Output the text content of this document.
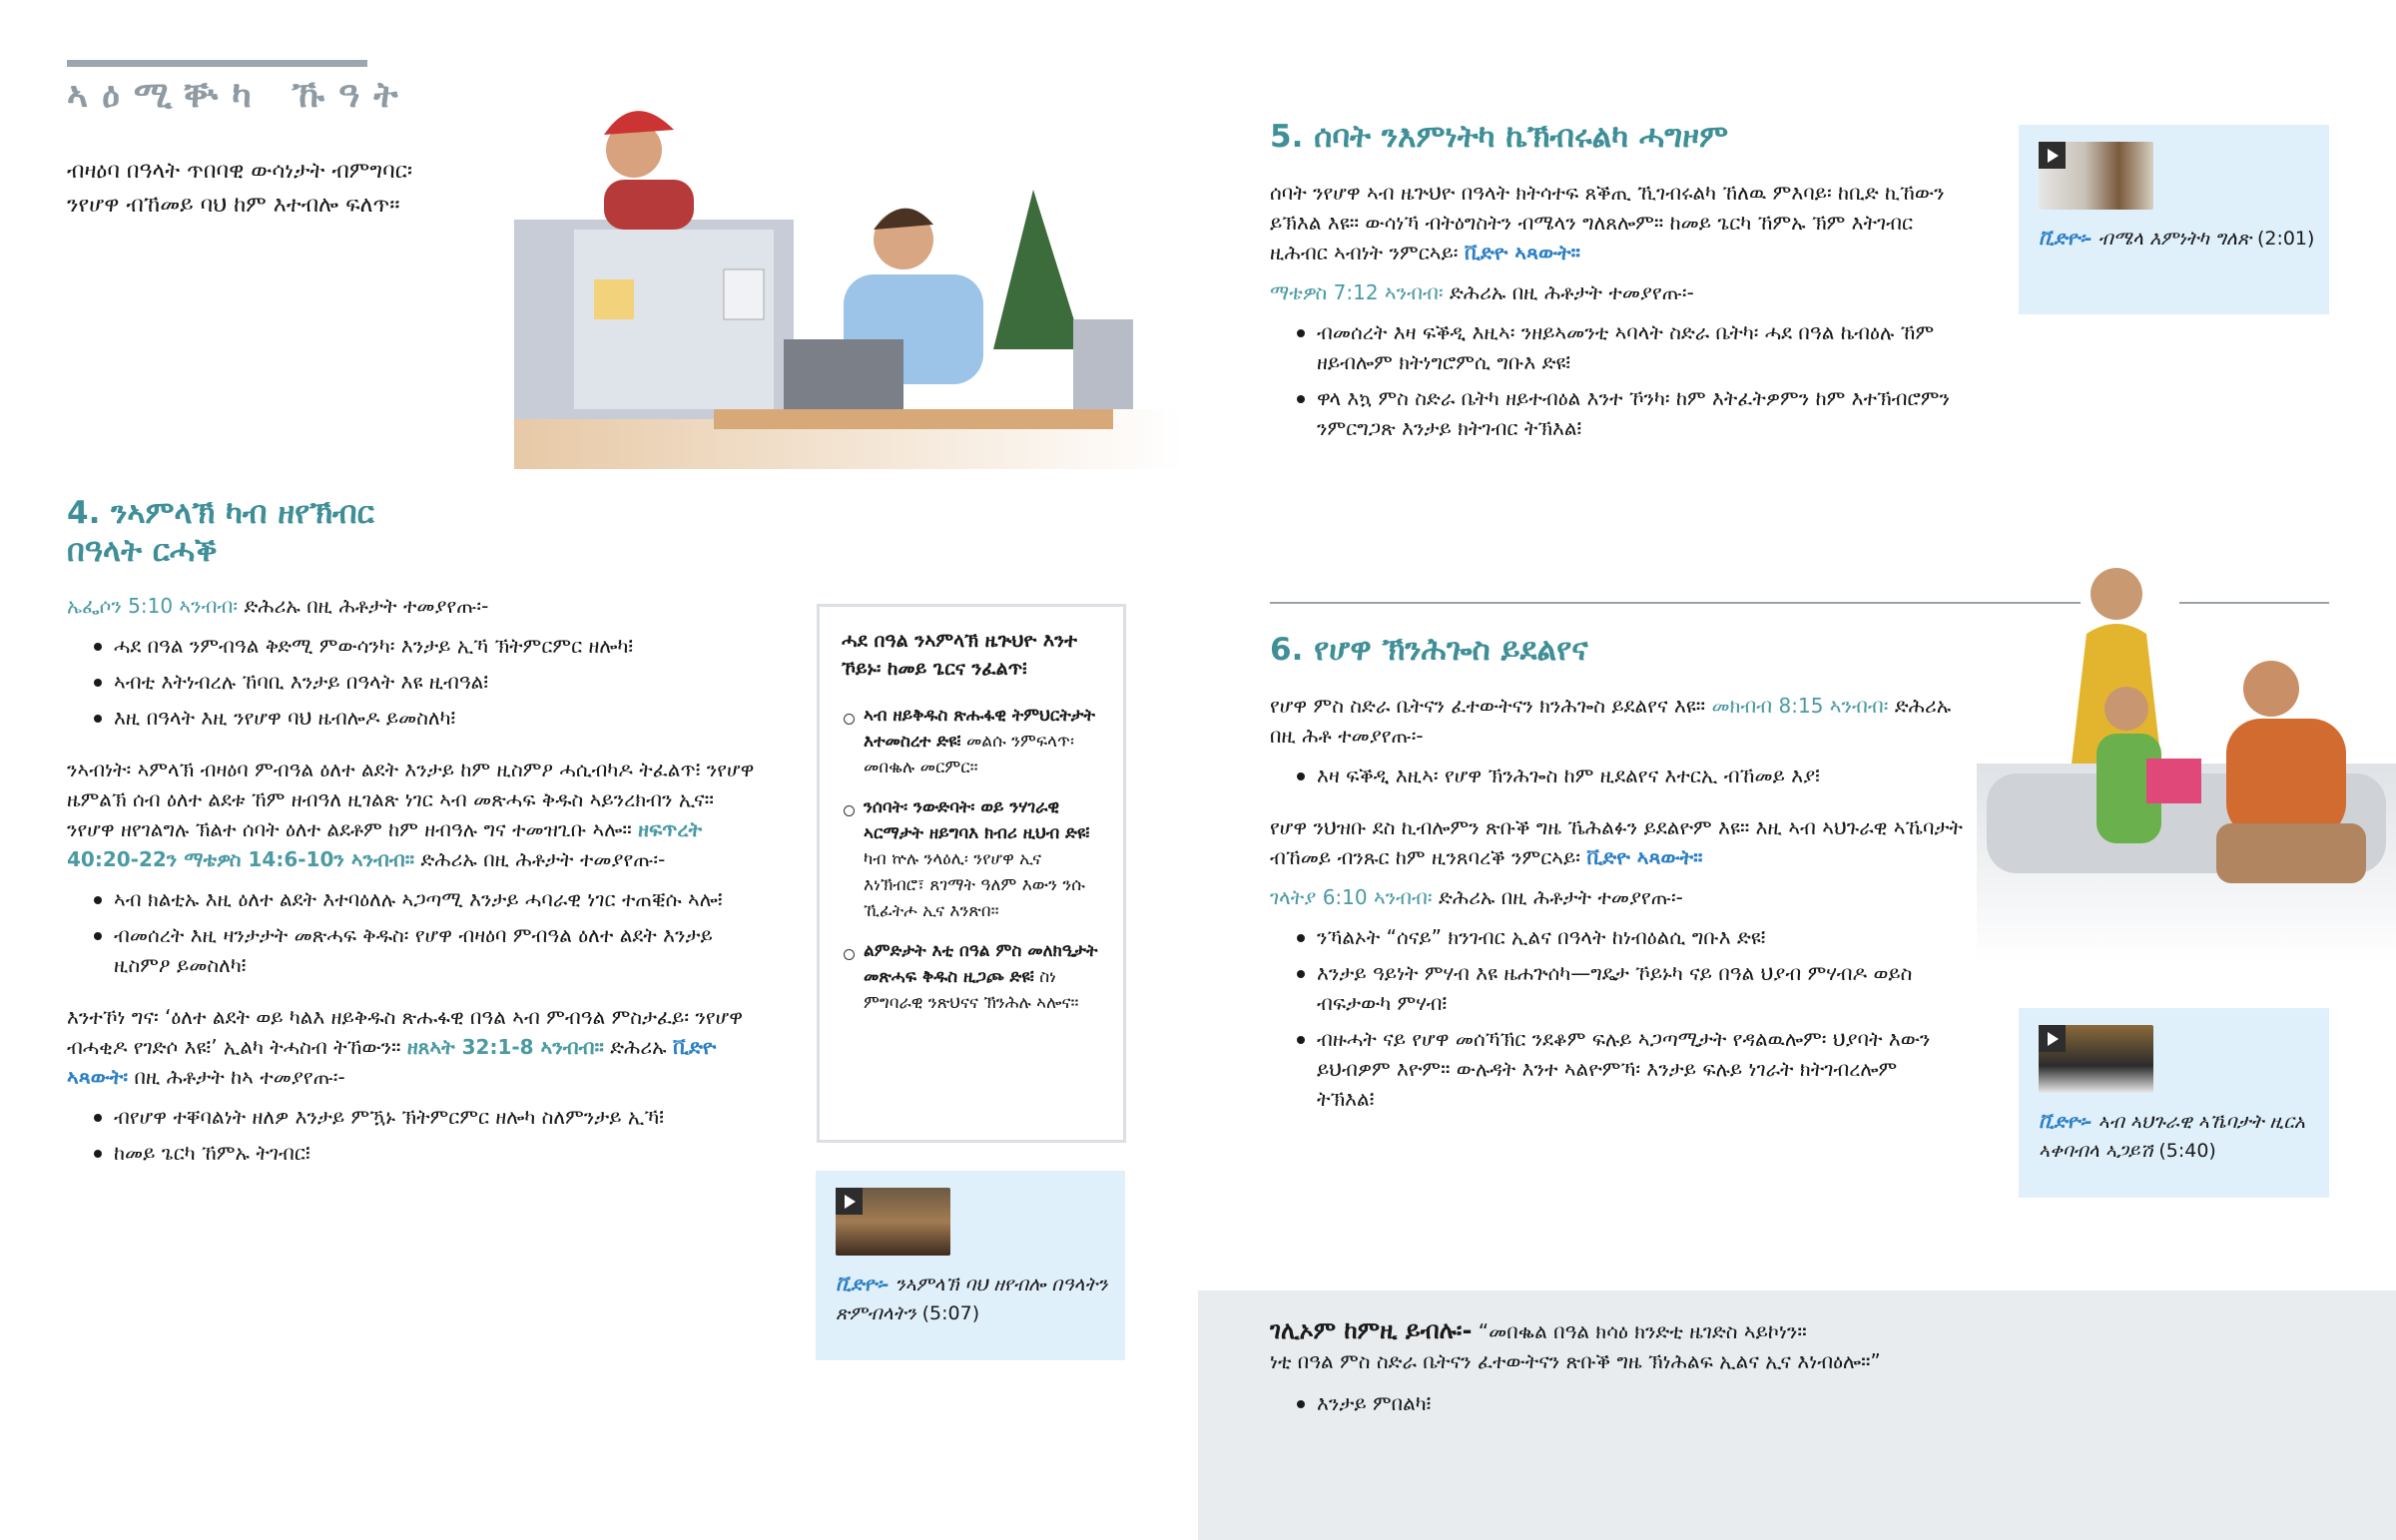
ኣዕሚቝካ ኹዓት
ብዛዕባ በዓላት ጥበባዊ ውሳነታት ብምግባር፡
ንየሆዋ ብኸመይ ባህ ከም እተብሎ ፍለጥ።
4. ንኣምላኽ ካብ ዘየኽብር
በዓላት ርሓቕ

ኤፌሶን 5:10 ኣንብብ፡ ድሕሪኡ በዚ ሕቶታት ተመያየጡ፡-

ሓደ በዓል ንምብዓል ቅድሚ ምውሳንካ፡ እንታይ ኢኻ ኽትምርምር ዘሎካ፧
ኣብቲ እትነብረሉ ኸባቢ እንታይ በዓላት እዩ ዚብዓል፧
እዚ በዓላት እዚ ንየሆዋ ባህ ዜብሎዶ ይመስለካ፧

ንኣብነት፡ ኣምላኽ ብዛዕባ ምብዓል ዕለተ ልደት እንታይ ከም ዚስምዖ ሓሲብካዶ ትፈልጥ፧ ንየሆዋ ዜምልኽ ሰብ ዕለተ ልደቱ ኸም ዘብዓለ ዚገልጽ ነገር ኣብ መጽሓፍ ቅዱስ ኣይንረክብን ኢና። ንየሆዋ ዘየገልግሉ ኽልተ ሰባት ዕለተ ልደቶም ከም ዘብዓሉ ግና ተመዝጊቡ ኣሎ። ዘፍጥረት 40:20-22ን ማቴዎስ 14:6-10ን ኣንብብ። ድሕሪኡ በዚ ሕቶታት ተመያየጡ፡-

ኣብ ክልቲኡ እዚ ዕለተ ልደት እተባዕለሉ ኣጋጣሚ እንታይ ሓባራዊ ነገር ተጠቒሱ ኣሎ፧
ብመሰረት እዚ ዛንታታት መጽሓፍ ቅዱስ፡ የሆዋ ብዛዕባ ምብዓል ዕለተ ልደት እንታይ ዚስምዖ ይመስለካ፧

እንተኾነ ግና፡ ‘ዕለተ ልደት ወይ ካልእ ዘይቅዱስ ጽሑፋዊ በዓል ኣብ ምብዓል ምስታፈይ፡ ንየሆዋ ብሓቂዶ የገድሶ እዩ፧’ ኢልካ ትሓስብ ትኸውን። ዘጸኣት 32:1-8 ኣንብብ። ድሕሪኡ ቪድዮ ኣጻውት፡ በዚ ሕቶታት ከኣ ተመያየጡ፡-

ብየሆዋ ተቐባልነት ዘለዎ እንታይ ምዃኑ ኽትምርምር ዘሎካ ስለምንታይ ኢኻ፧
ከመይ ጌርካ ኸምኡ ትገብር፧
ሓደ በዓል ንኣምላኽ ዜጕህዮ እንተ ኾይኑ፡ ከመይ ጌርና ንፈልጥ፧
ኣብ ዘይቅዱስ ጽሑፋዊ ትምህርትታት እተመስረተ ድዩ፧ መልሱ ንምፍላጥ፡ መበቈሉ መርምር።
ንሰባት፡ ንውድባት፡ ወይ ንሃገራዊ ኣርማታት ዘይግባእ ክብሪ ዚህብ ድዩ፧ ካብ ኵሉ ንላዕሊ፡ ንየሆዋ ኢና እነኽብሮ፣ ጸገማት ዓለም እውን ንሱ ኺፈትሖ ኢና እንጽበ።
ልምድታት እቲ በዓል ምስ መለክዒታት መጽሓፍ ቅዱስ ዚጋጮ ድዩ፧ ስነ ምግባራዊ ንጽህናና ኽንሕሉ ኣሎና።
ቪድዮ፡- ንኣምላኽ ባህ ዘየብሎ በዓላትን ጽምብላትን (5:07)
5. ሰባት ንእምነትካ ኬኽብሩልካ ሓግዞም

ሰባት ንየሆዋ ኣብ ዜጕህዮ በዓላት ክትሳተፍ ጸቕጢ ኺገብሩልካ ኸለዉ ምእባይ፡ ከቢድ ኪኸውን ይኽእል እዩ። ውሳነኻ ብትዕግስትን ብሜላን ግለጸሎም። ከመይ ጌርካ ኸምኡ ኽም እትገብር ዚሕብር ኣብነት ንምርኣይ፡ ቪድዮ ኣጻውት።

ማቴዎስ 7:12 ኣንብብ፡ ድሕሪኡ በዚ ሕቶታት ተመያየጡ፡-

ብመሰረት እዛ ፍቕዲ እዚኣ፡ ንዘይኣመንቲ ኣባላት ስድራ ቤትካ፡ ሓደ በዓል ኬብዕሉ ኸም ዘይብሎም ክትነግሮምሲ ግቡእ ድዩ፧
ዋላ እኳ ምስ ስድራ ቤትካ ዘይተብዕል እንተ ኾንካ፡ ከም እትፈትዎምን ከም እተኽብሮምን ንምርግጋጽ እንታይ ክትገብር ትኽእል፧
ቪድዮ፡- ብሜላ እምነትካ ግለጽ (2:01)
6. የሆዋ ኽንሕጐስ ይደልየና

የሆዋ ምስ ስድራ ቤትናን ፈተውትናን ክንሕጐስ ይደልየና እዩ። መክብብ 8:15 ኣንብብ፡ ድሕሪኡ በዚ ሕቶ ተመያየጡ፡-

እዛ ፍቕዲ እዚኣ፡ የሆዋ ኽንሕጐስ ከም ዚደልየና እተርኢ ብኸመይ እያ፧

የሆዋ ንህዝቡ ደስ ኪብሎምን ጽቡቕ ግዜ ኼሕልፉን ይደልዮም እዩ። እዚ ኣብ ኣህጉራዊ ኣኼባታት ብኸመይ ብንጹር ከም ዚንጸባረቕ ንምርኣይ፡ ቪድዮ ኣጻውት።

ገላትያ 6:10 ኣንብብ፡ ድሕሪኡ በዚ ሕቶታት ተመያየጡ፡-

ንኻልኦት “ሰናይ” ክንገብር ኢልና በዓላት ከነብዕልሲ ግቡእ ድዩ፧
እንታይ ዓይነት ምሃብ እዩ ዜሐጕሰካ—ግዴታ ኾይኑካ ናይ በዓል ህያብ ምሃብዶ ወይስ ብፍታውካ ምሃብ፧
ብዙሓት ናይ የሆዋ መሰኻኽር ንደቆም ፍሉይ ኣጋጣሚታት የዳልዉሎም፡ ህያባት እውን ይህብዎም እዮም። ውሉዳት እንተ ኣልዮምኻ፡ እንታይ ፍሉይ ነገራት ክትገብረሎም ትኽእል፧
ቪድዮ፡- ኣብ ኣህጉራዊ ኣኼባታት ዚርአ ኣቀባብላ ኣጋይሽ (5:40)

ገሊኦም ከምዚ ይብሉ፡- “መበቈል በዓል ክሳዕ ክንድቲ ዜገድስ ኣይኮነን።
ነቲ በዓል ምስ ስድራ ቤትናን ፈተውትናን ጽቡቕ ግዜ ኽነሕልፍ ኢልና ኢና እነብዕሎ።”

እንታይ ምበልካ፧
